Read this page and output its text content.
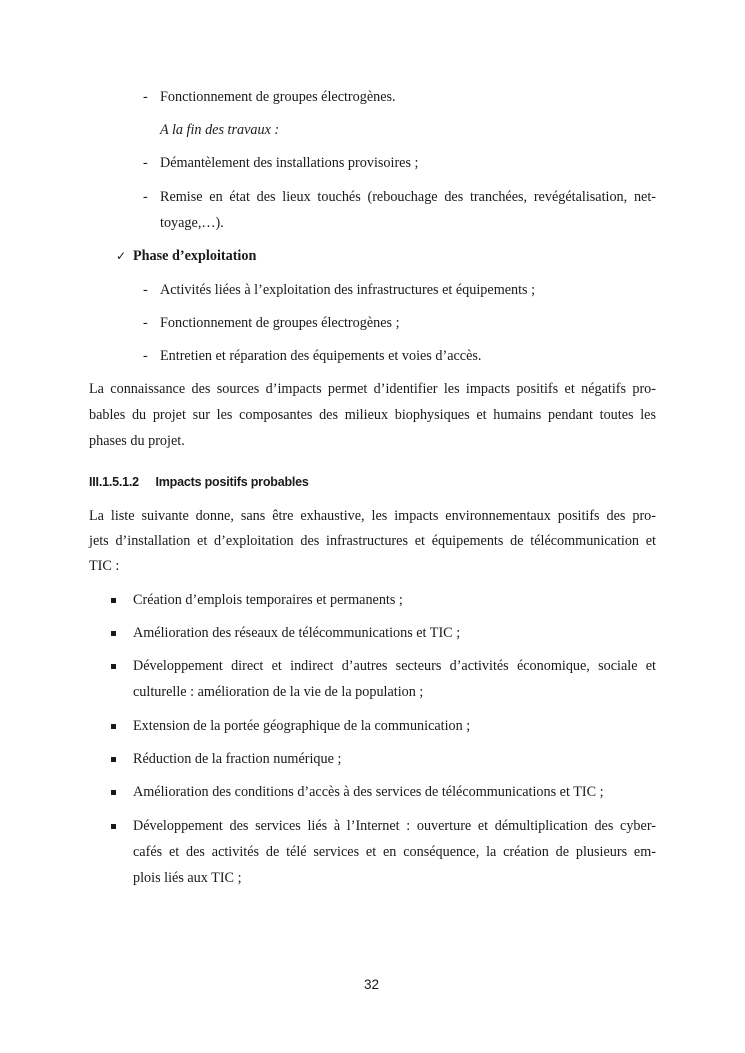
- Fonctionnement de groupes électrogènes.
A la fin des travaux :
- Démantèlement des installations provisoires ;
- Remise en état des lieux touchés (rebouchage des tranchées, revégétalisation, net-
toyage,…).
✓ Phase d’exploitation
- Activités liées à l’exploitation des infrastructures et équipements ;
- Fonctionnement de groupes électrogènes ;
- Entretien et réparation des équipements et voies d’accès.
La connaissance des sources d’impacts permet d’identifier les impacts positifs et négatifs pro-
bables du projet sur les composantes des milieux biophysiques et humains pendant toutes les
phases du projet.
III.1.5.1.2 Impacts positifs probables
La liste suivante donne, sans être exhaustive, les impacts environnementaux positifs des pro-
jets d’installation et d’exploitation des infrastructures et équipements de télécommunication et
TIC :
Création d’emplois temporaires et permanents ;
Amélioration des réseaux de télécommunications et TIC ;
Développement direct et indirect d’autres secteurs d’activités économique, sociale et
culturelle : amélioration de la vie de la population ;
Extension de la portée géographique de la communication ;
Réduction de la fraction numérique ;
Amélioration des conditions d’accès à des services de télécommunications et TIC ;
Développement des services liés à l’Internet : ouverture et démultiplication des cyber-
cafés et des activités de télé services et en conséquence, la création de plusieurs em-
plois liés aux TIC ;
32
